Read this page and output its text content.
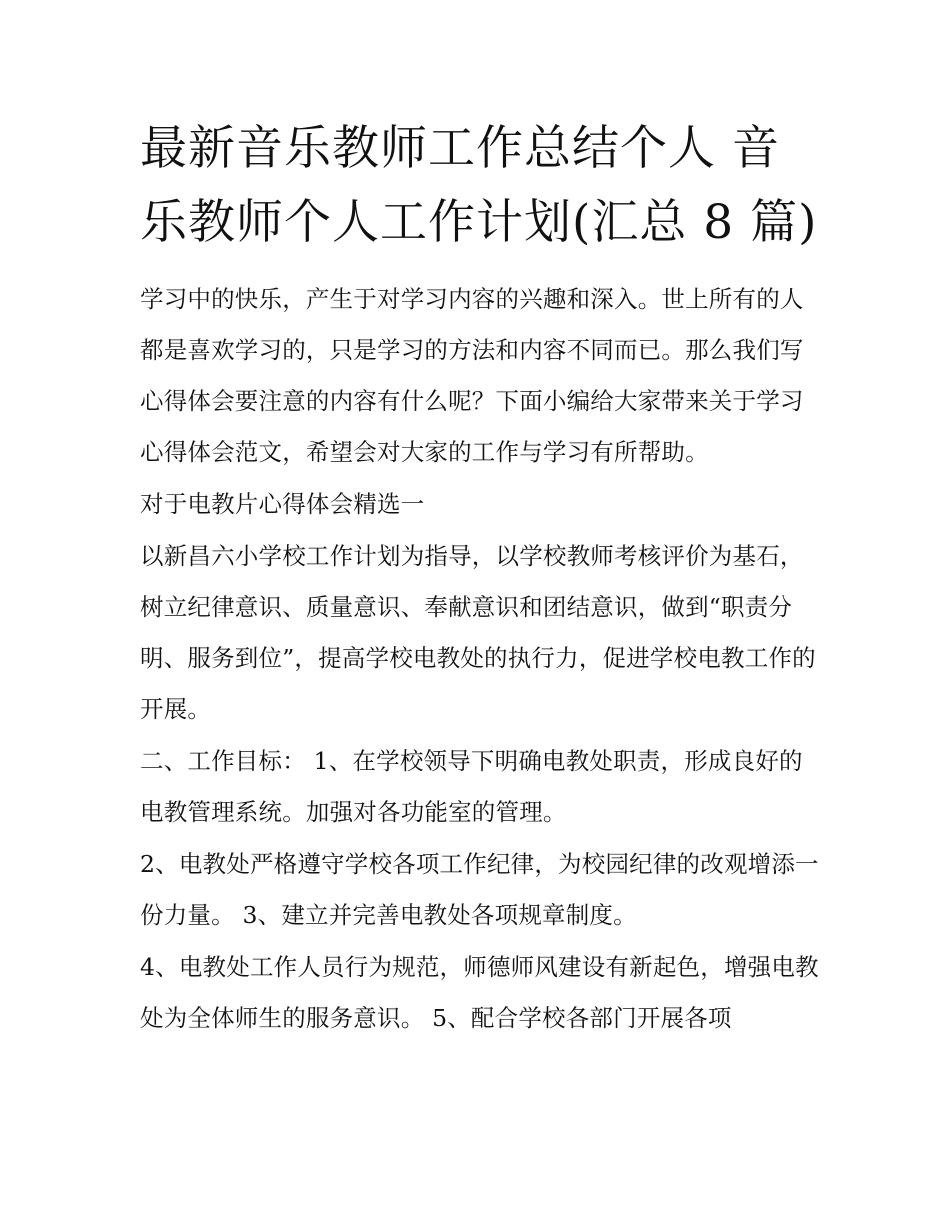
最新音乐教师工作总结个人 音乐教师个人工作计划(汇总 8 篇)

学习中的快乐，产生于对学习内容的兴趣和深入。世上所有的人都是喜欢学习的，只是学习的方法和内容不同而已。那么我们写心得体会要注意的内容有什么呢？下面小编给大家带来关于学习心得体会范文，希望会对大家的工作与学习有所帮助。

对于电教片心得体会精选一

以新昌六小学校工作计划为指导，以学校教师考核评价为基石，树立纪律意识、质量意识、奉献意识和团结意识，做到“职责分明、服务到位”，提高学校电教处的执行力，促进学校电教工作的开展。

二、工作目标： 1、在学校领导下明确电教处职责，形成良好的电教管理系统。加强对各功能室的管理。

2、电教处严格遵守学校各项工作纪律，为校园纪律的改观增添一份力量。 3、建立并完善电教处各项规章制度。

4、电教处工作人员行为规范，师德师风建设有新起色，增强电教处为全体师生的服务意识。 5、配合学校各部门开展各项
